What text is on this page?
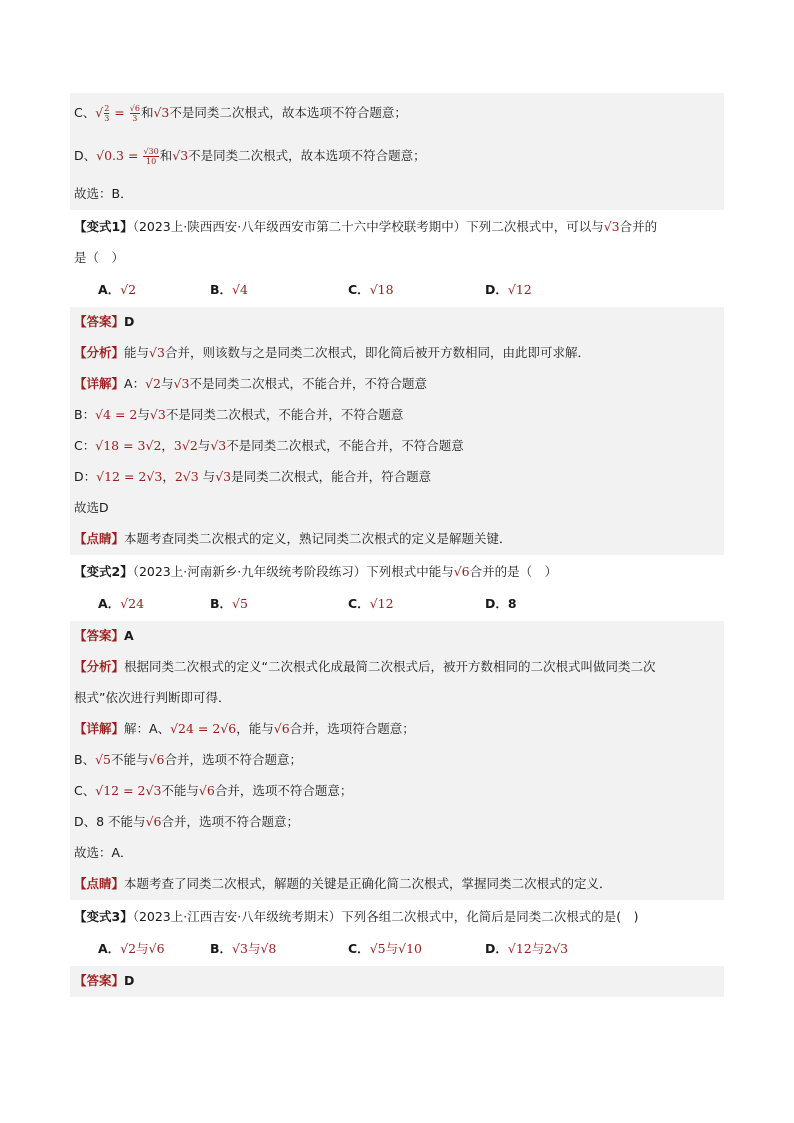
C、√ $\frac{2}{3} = \frac{√6}{3}$ 和√3不是同类二次根式，故本选项不符合题意；
D、$√0.3 = \frac{√30}{10}$ 和√3不是同类二次根式，故本选项不符合题意；
故选：B．
【变式1】（2023上·陕西西安·八年级西安市第二十六中学校联考期中）下列二次根式中，可以与√3合并的
是（　）
A．√2	B．√4	C．√18	D．√12
【答案】D
【分析】能与√3合并，则该数与之是同类二次根式，即化简后被开方数相同，由此即可求解．
【详解】A：√2与√3不是同类二次根式，不能合并，不符合题意
B：√4 = 2与√3不是同类二次根式，不能合并，不符合题意
C：√18 = 3√2，3√2与√3不是同类二次根式，不能合并，不符合题意
D：√12 = 2√3，2√3 与√3是同类二次根式，能合并，符合题意
故选D
【点睛】本题考查同类二次根式的定义，熟记同类二次根式的定义是解题关键．
【变式2】（2023上·河南新乡·九年级统考阶段练习）下列根式中能与√6合并的是（　）
A．√24	B．√5	C．√12	D．8
【答案】A
【分析】根据同类二次根式的定义“二次根式化成最简二次根式后，被开方数相同的二次根式叫做同类二次
根式”依次进行判断即可得．
【详解】解：A、√24 = 2√6，能与√6合并，选项符合题意；
B、√5不能与√6合并，选项不符合题意；
C、√12 = 2√3不能与√6合并，选项不符合题意；
D、8 不能与√6合并，选项不符合题意；
故选：A．
【点睛】本题考查了同类二次根式，解题的关键是正确化简二次根式，掌握同类二次根式的定义．
【变式3】（2023上·江西吉安·八年级统考期末）下列各组二次根式中，化简后是同类二次根式的是(　)
A．√2与√6	B．√3与√8	C．√5与√10	D．√12与2√3
【答案】D
